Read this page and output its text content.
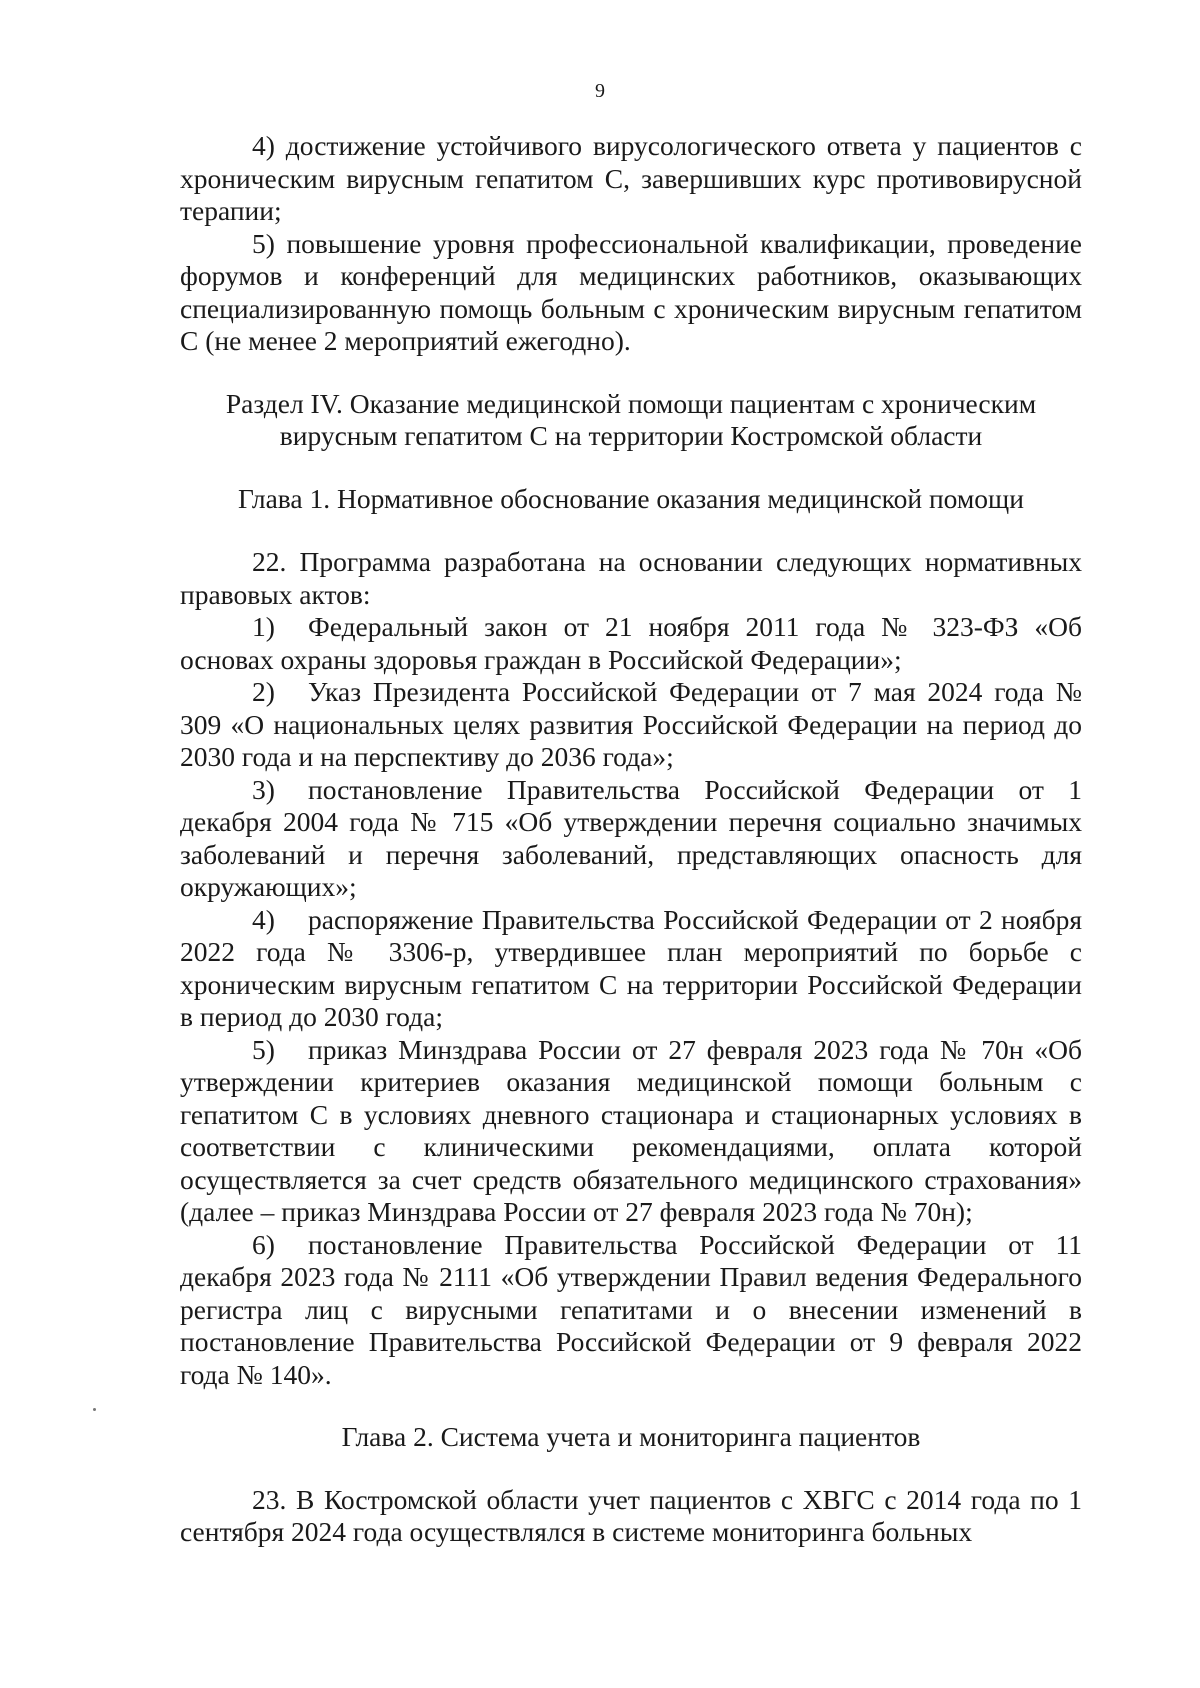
9

4) достижение устойчивого вирусологического ответа у пациентов с хроническим вирусным гепатитом С, завершивших курс противовирусной терапии;

5) повышение уровня профессиональной квалификации, проведение форумов и конференций для медицинских работников, оказывающих специализированную помощь больным с хроническим вирусным гепатитом С (не менее 2 мероприятий ежегодно).

Раздел IV. Оказание медицинской помощи пациентам с хроническим вирусным гепатитом С на территории Костромской области

Глава 1. Нормативное обоснование оказания медицинской помощи

22. Программа разработана на основании следующих нормативных правовых актов:

1) Федеральный закон от 21 ноября 2011 года № 323-ФЗ «Об основах охраны здоровья граждан в Российской Федерации»;

2) Указ Президента Российской Федерации от 7 мая 2024 года № 309 «О национальных целях развития Российской Федерации на период до 2030 года и на перспективу до 2036 года»;

3) постановление Правительства Российской Федерации от 1 декабря 2004 года № 715 «Об утверждении перечня социально значимых заболеваний и перечня заболеваний, представляющих опасность для окружающих»;

4) распоряжение Правительства Российской Федерации от 2 ноября 2022 года № 3306-р, утвердившее план мероприятий по борьбе с хроническим вирусным гепатитом С на территории Российской Федерации в период до 2030 года;

5) приказ Минздрава России от 27 февраля 2023 года № 70н «Об утверждении критериев оказания медицинской помощи больным с гепатитом С в условиях дневного стационара и стационарных условиях в соответствии с клиническими рекомендациями, оплата которой осуществляется за счет средств обязательного медицинского страхования» (далее – приказ Минздрава России от 27 февраля 2023 года № 70н);

6) постановление Правительства Российской Федерации от 11 декабря 2023 года № 2111 «Об утверждении Правил ведения Федерального регистра лиц с вирусными гепатитами и о внесении изменений в постановление Правительства Российской Федерации от 9 февраля 2022 года № 140».

Глава 2. Система учета и мониторинга пациентов

23. В Костромской области учет пациентов с ХВГС с 2014 года по 1 сентября 2024 года осуществлялся в системе мониторинга больных
